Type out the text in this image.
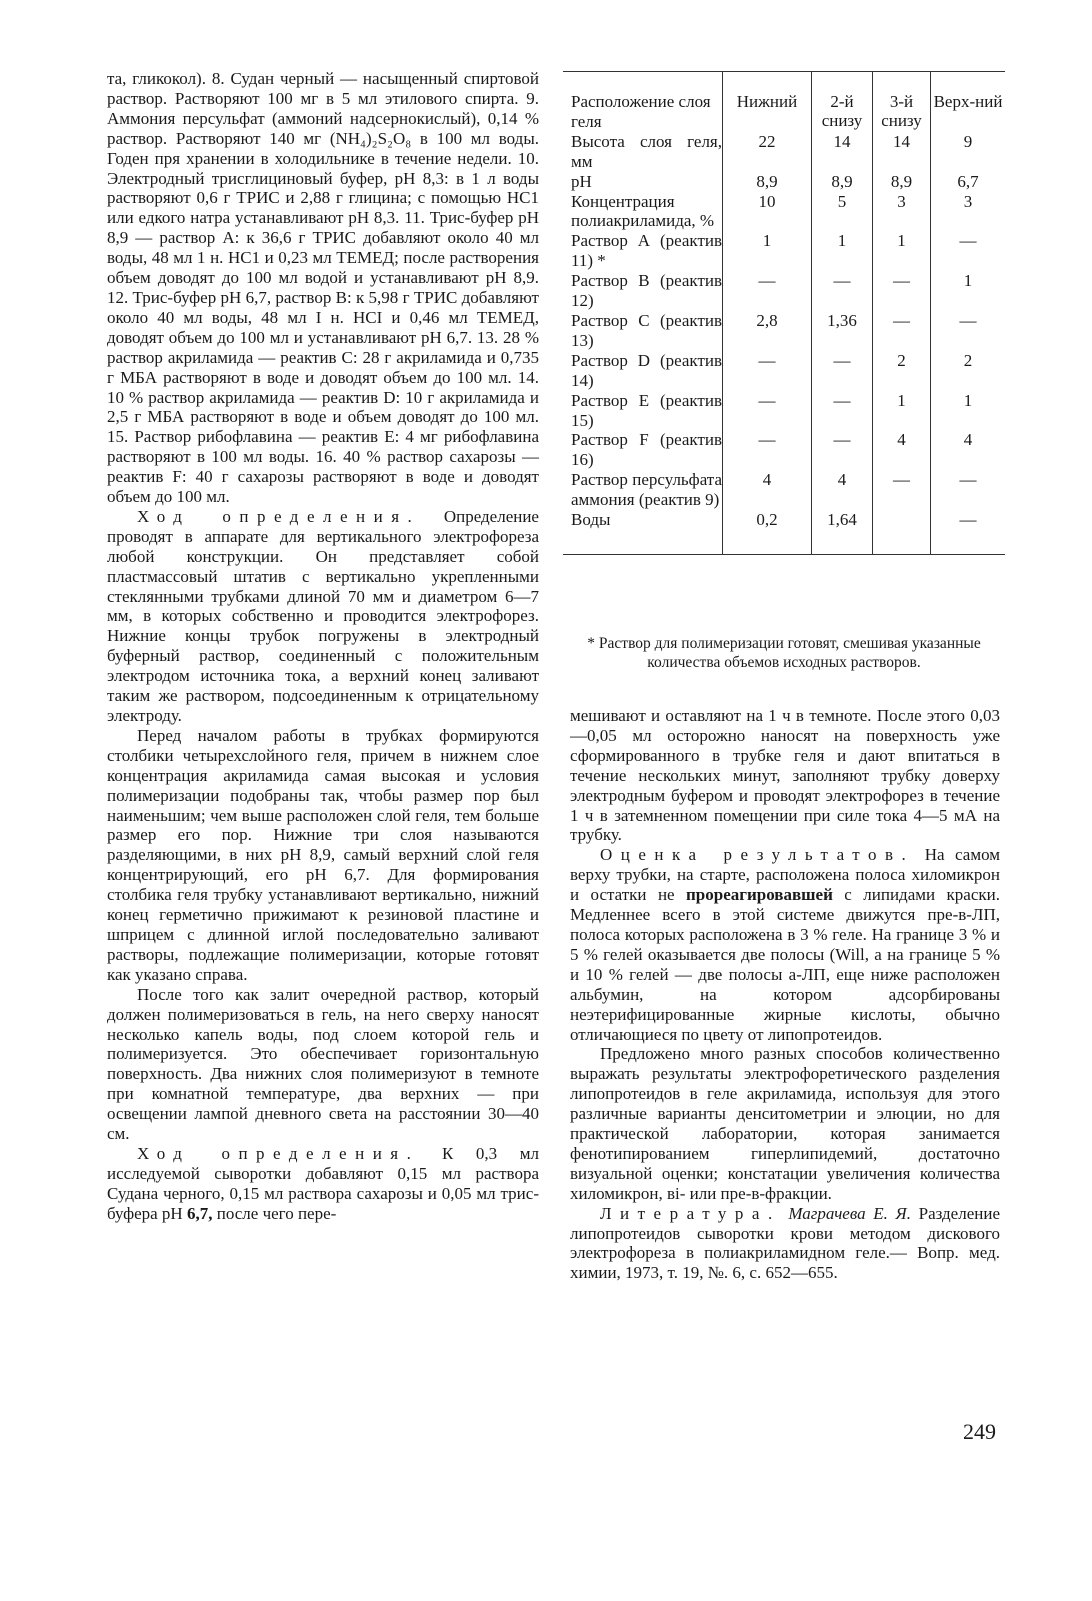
та, гликокол). 8. Судан черный — насыщенный спиртовой раствор. Растворяют 100 мг в 5 мл этилового спирта. 9. Аммония персульфат (аммоний надсернокислый), 0,14 % раствор. Растворяют 140 мг (NH₄)₂S₂O₈ в 100 мл воды. Годен пря хранении в холодильнике в течение недели. 10. Электродный трисглициновый буфер, pH 8,3: в 1 л воды растворяют 0,6 г ТРИС и 2,88 г глицина; с помощью НС1 или едкого натра устанавливают pH 8,3. 11. Трис-буфер pH 8,9 — раствор А: к 36,6 г ТРИС добавляют около 40 мл воды, 48 мл 1 н. НС1 и 0,23 мл ТЕМЕД; после растворения объем доводят до 100 мл водой и устанавливают pH 8,9. 12. Трис-буфер pH 6,7, раствор В: к 5,98 г ТРИС добавляют около 40 мл воды, 48 мл I н. НСI и 0,46 мл ТЕМЕД, доводят объем до 100 мл и устанавливают pH 6,7. 13. 28 % раствор акриламида — реактив С: 28 г акриламида и 0,735 г МБА растворяют в воде и доводят объем до 100 мл. 14. 10 % раствор акриламида — реактив D: 10 г акриламида и 2,5 г МБА растворяют в воде и объем доводят до 100 мл. 15. Раствор рибофлавина — реактив Е: 4 мг рибофлавина растворяют в 100 мл воды. 16. 40 % раствор сахарозы — реактив F: 40 г сахарозы растворяют в воде и доводят объем до 100 мл.

Ход определения. Определение проводят в аппарате для вертикального электрофореза любой конструкции. Он представляет собой пластмассовый штатив с вертикально укрепленными стеклянными трубками длиной 70 мм и диаметром 6—7 мм, в которых собственно и проводится электрофорез. Нижние концы трубок погружены в электродный буферный раствор, соединенный с положительным электродом источника тока, а верхний конец заливают таким же раствором, подсоединенным к отрицательному электроду.

Перед началом работы в трубках формируются столбики четырехслойного геля, причем в нижнем слое концентрация акриламида самая высокая и условия полимеризации подобраны так, чтобы размер пор был наименьшим; чем выше расположен слой геля, тем больше размер его пор. Нижние три слоя называются разделяющими, в них pH 8,9, самый верхний слой геля концентрирующий, его pH 6,7. Для формирования столбика геля трубку устанавливают вертикально, нижний конец герметично прижимают к резиновой пластине и шприцем с длинной иглой последовательно заливают растворы, подлежащие полимеризации, которые готовят как указано справа.

После того как залит очередной раствор, который должен полимеризоваться в гель, на него сверху наносят несколько капель воды, под слоем которой гель и полимеризуется. Это обеспечивает горизонтальную поверхность. Два нижних слоя полимеризуют в темноте при комнатной температуре, два верхних — при освещении лампой дневного света на расстоянии 30—40 см.

Ход определения. К 0,3 мл исследуемой сыворотки добавляют 0,15 мл раствора Судана черного, 0,15 мл раствора сахарозы и 0,05 мл трис-буфера pH 6,7, после чего пере-

Расположение слоя геля	Нижний	2-й снизу	3-й снизу	Верх-ний
Высота слоя геля, мм	22	14	14	9
pH	8,9	8,9	8,9	6,7
Концентрация полиакриламида, %	10	5	3	3
Раствор А (реактив 11) *	1	1	1	—
Раствор В (реактив 12)	—	—	—	1
Раствор С (реактив 13)	2,8	1,36	—	—
Раствор D (реактив 14)	—	—	2	2
Раствор Е (реактив 15)	—	—	1	1
Раствор F (реактив 16)	—	—	4	4
Раствор персульфата аммония (реактив 9)	4	4	—	—
Воды	0,2	1,64		—
* Раствор для полимеризации готовят, смешивая указанные количества объемов исходных растворов.

мешивают и оставляют на 1 ч в темноте. После этого 0,03—0,05 мл осторожно наносят на поверхность уже сформированного в трубке геля и дают впитаться в течение нескольких минут, заполняют трубку доверху электродным буфером и проводят электрофорез в течение 1 ч в затемненном помещении при силе тока 4—5 мА на трубку.

Оценка результатов. На самом верху трубки, на старте, расположена полоса хиломикрон и остатки не прореагировавшей с липидами краски. Медленнее всего в этой системе движутся пре-в-ЛП, полоса которых расположена в 3 % геле. На границе 3 % и 5 % гелей оказывается две полосы (Will, а на границе 5 % и 10 % гелей — две полосы а-ЛП, еще ниже расположен альбумин, на котором адсорбированы неэтерифицированные жирные кислоты, обычно отличающиеся по цвету от липопротеидов.

Предложено много разных способов количественно выражать результаты электрофоретического разделения липопротеидов в геле акриламида, используя для этого различные варианты денситометрии и элюции, но для практической лаборатории, которая занимается фенотипированием гиперлипидемий, достаточно визуальной оценки; констатации увеличения количества хиломикрон, вi- или пре-в-фракции.

Литература. Маграчева Е. Я. Разделение липопротеидов сыворотки крови методом дискового электрофореза в полиакриламидном геле.— Вопр. мед. химии, 1973, т. 19, №. 6, с. 652—655.

249
